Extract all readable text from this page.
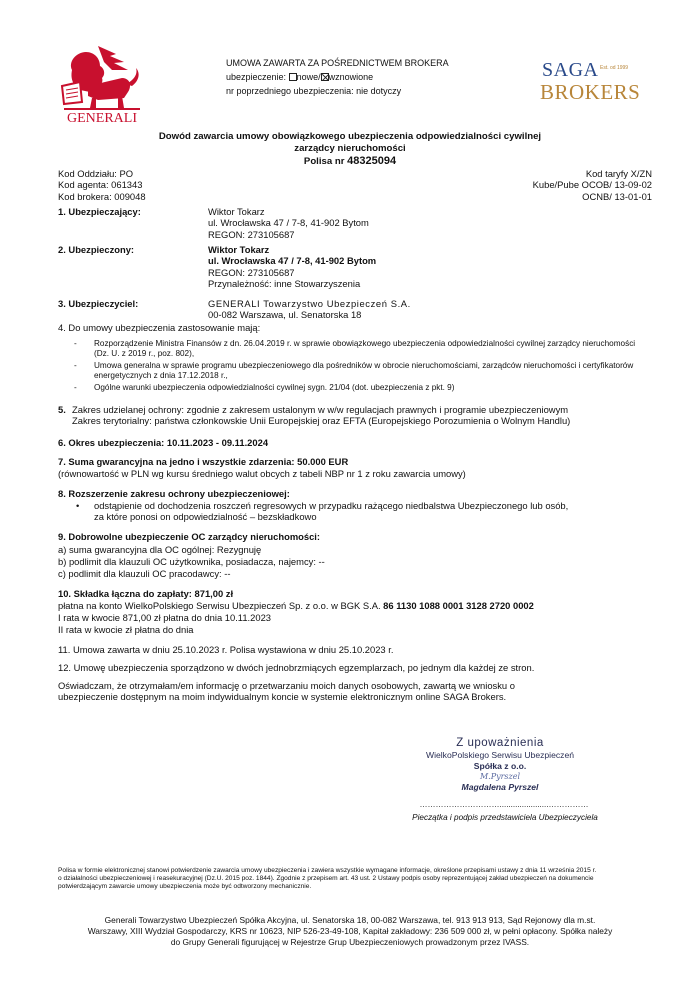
GENERALI
UMOWA ZAWARTA ZA POŚREDNICTWEM BROKERA
ubezpieczenie: nowe/ wznowione
nr poprzedniego ubezpieczenia: nie dotyczy
SAGA Est. od 1999
BROKERS
Dowód zawarcia umowy obowiązkowego ubezpieczenia odpowiedzialności cywilnej
zarządcy nieruchomości
Polisa nr 48325094
Kod Oddziału: PO
Kod agenta: 061343
Kod brokera: 009048
Kod taryfy X/ZN
Kube/Pube OCOB/ 13-09-02
OCNB/ 13-01-01
1. Ubezpieczający:	Wiktor Tokarz
ul. Wrocławska 47 / 7-8, 41-902 Bytom
REGON: 273105687
2. Ubezpieczony:	Wiktor Tokarz
ul. Wrocławska 47 / 7-8, 41-902 Bytom
REGON: 273105687
Przynależność: inne Stowarzyszenia
3. Ubezpieczyciel:	GENERALI Towarzystwo Ubezpieczeń S.A.
00-082 Warszawa, ul. Senatorska 18
4. Do umowy ubezpieczenia zastosowanie mają:
- Rozporządzenie Ministra Finansów z dn. 26.04.2019 r. w sprawie obowiązkowego ubezpieczenia odpowiedzialności cywilnej zarządcy nieruchomości (Dz. U. z 2019 r., poz. 802),
- Umowa generalna w sprawie programu ubezpieczeniowego dla pośredników w obrocie nieruchomościami, zarządców nieruchomości i certyfikatorów energetycznych z dnia 17.12.2018 r.,
- Ogólne warunki ubezpieczenia odpowiedzialności cywilnej sygn. 21/04 (dot. ubezpieczenia z pkt. 9)
5. Zakres udzielanej ochrony: zgodnie z zakresem ustalonym w w/w regulacjach prawnych i programie ubezpieczeniowym
Zakres terytorialny: państwa członkowskie Unii Europejskiej oraz EFTA (Europejskiego Porozumienia o Wolnym Handlu)
6. Okres ubezpieczenia: 10.11.2023 - 09.11.2024
7. Suma gwarancyjna na jedno i wszystkie zdarzenia: 50.000 EUR
(równowartość w PLN wg kursu średniego walut obcych z tabeli NBP nr 1 z roku zawarcia umowy)
8. Rozszerzenie zakresu ochrony ubezpieczeniowej:
• odstąpienie od dochodzenia roszczeń regresowych w przypadku rażącego niedbalstwa Ubezpieczonego lub osób,
za które ponosi on odpowiedzialność – bezskładkowo
9. Dobrowolne ubezpieczenie OC zarządcy nieruchomości:
a) suma gwarancyjna dla OC ogólnej: Rezygnuję
b) podlimit dla klauzuli OC użytkownika, posiadacza, najemcy: --
c) podlimit dla klauzuli OC pracodawcy: --
10. Składka łączna do zapłaty: 871,00 zł
płatna na konto WielkoPolskiego Serwisu Ubezpieczeń Sp. z o.o. w BGK S.A. 86 1130 1088 0001 3128 2720 0002
I rata w kwocie 871,00 zł płatna do dnia 10.11.2023
II rata w kwocie zł płatna do dnia
11. Umowa zawarta w dniu 25.10.2023 r. Polisa wystawiona w dniu 25.10.2023 r.
12. Umowę ubezpieczenia sporządzono w dwóch jednobrzmiących egzemplarzach, po jednym dla każdej ze stron.
Oświadczam, że otrzymałam/em informację o przetwarzaniu moich danych osobowych, zawartą we wniosku o
ubezpieczenie dostępnym na moim indywidualnym koncie w systemie elektronicznym online SAGA Brokers.
Z upoważnienia
WielkoPolskiego Serwisu Ubezpieczeń
Spółka z o.o.
M.Pyrszel
Magdalena Pyrszel
…………………………......................……………
Pieczątka i podpis przedstawiciela Ubezpieczyciela
Polisa w formie elektronicznej stanowi potwierdzenie zawarcia umowy ubezpieczenia i zawiera wszystkie wymagane informacje, określone przepisami ustawy z dnia 11 września 2015 r.
o działalności ubezpieczeniowej i reasekuracyjnej (Dz.U. 2015 poz. 1844). Zgodnie z przepisem art. 43 ust. 2 Ustawy podpis osoby reprezentującej zakład ubezpieczeń na dokumencie
potwierdzającym zawarcie umowy ubezpieczenia może być odtworzony mechanicznie.
Generali Towarzystwo Ubezpieczeń Spółka Akcyjna, ul. Senatorska 18, 00-082 Warszawa, tel. 913 913 913, Sąd Rejonowy dla m.st.
Warszawy, XIII Wydział Gospodarczy, KRS nr 10623, NIP 526-23-49-108, Kapitał zakładowy: 236 509 000 zł, w pełni opłacony. Spółka należy
do Grupy Generali figurującej w Rejestrze Grup Ubezpieczeniowych prowadzonym przez IVASS.
